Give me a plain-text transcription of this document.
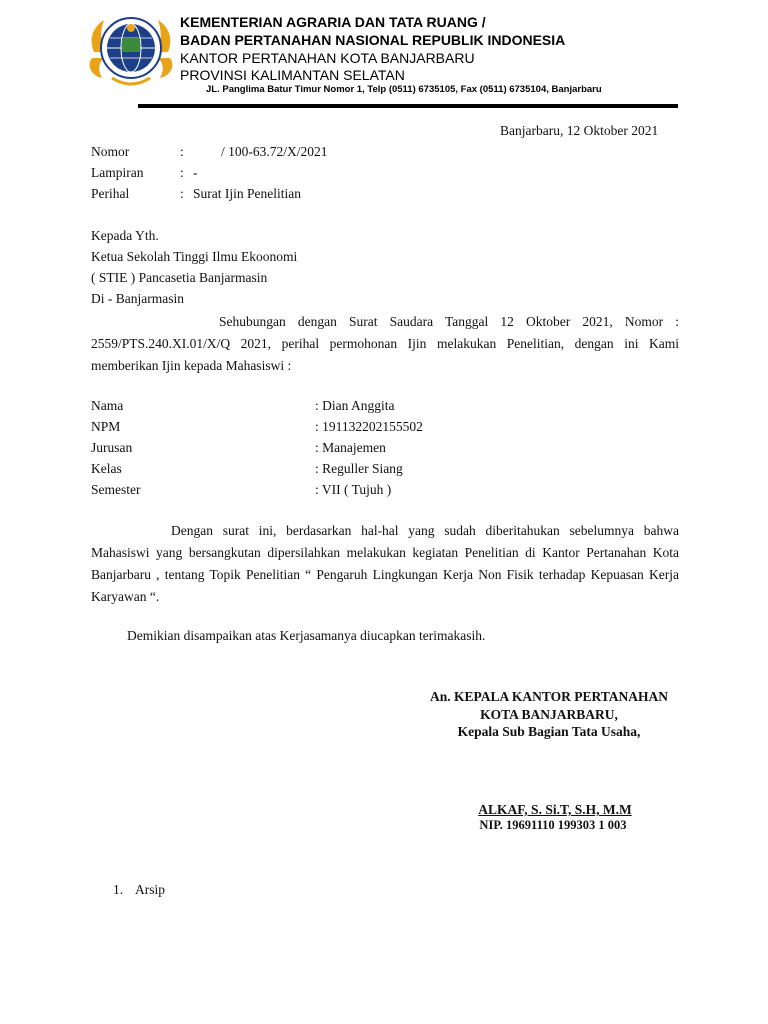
KEMENTERIAN AGRARIA DAN TATA RUANG /
BADAN PERTANAHAN NASIONAL REPUBLIK INDONESIA
KANTOR PERTANAHAN KOTA BANJARBARU
PROVINSI KALIMANTAN SELATAN
JL. Panglima Batur Timur Nomor 1, Telp (0511) 6735105, Fax (0511) 6735104, Banjarbaru
Banjarbaru, 12 Oktober 2021
Nomor	:	/ 100-63.72/X/2021
Lampiran	: -
Perihal	: Surat Ijin Penelitian
Kepada Yth.
Ketua Sekolah Tinggi Ilmu Ekoonomi
( STIE ) Pancasetia Banjarmasin
Di - Banjarmasin
Sehubungan dengan Surat Saudara Tanggal 12 Oktober 2021, Nomor : 2559/PTS.240.XI.01/X/Q 2021, perihal permohonan Ijin melakukan Penelitian, dengan ini Kami memberikan Ijin kepada Mahasiswi :
Nama	: Dian Anggita
NPM	: 191132202155502
Jurusan	: Manajemen
Kelas	: Reguller Siang
Semester	: VII ( Tujuh )
Dengan surat ini, berdasarkan hal-hal yang sudah diberitahukan sebelumnya bahwa Mahasiswi yang bersangkutan dipersilahkan melakukan kegiatan Penelitian di Kantor Pertanahan Kota Banjarbaru , tentang Topik Penelitian “ Pengaruh Lingkungan Kerja Non Fisik terhadap Kepuasan Kerja Karyawan “.
Demikian disampaikan atas Kerjasamanya diucapkan terimakasih.
An. KEPALA KANTOR PERTANAHAN
KOTA BANJARBARU,
Kepala Sub Bagian Tata Usaha,
ALKAF, S. Si.T, S.H, M.M
NIP. 19691110 199303 1 003
1. Arsip
